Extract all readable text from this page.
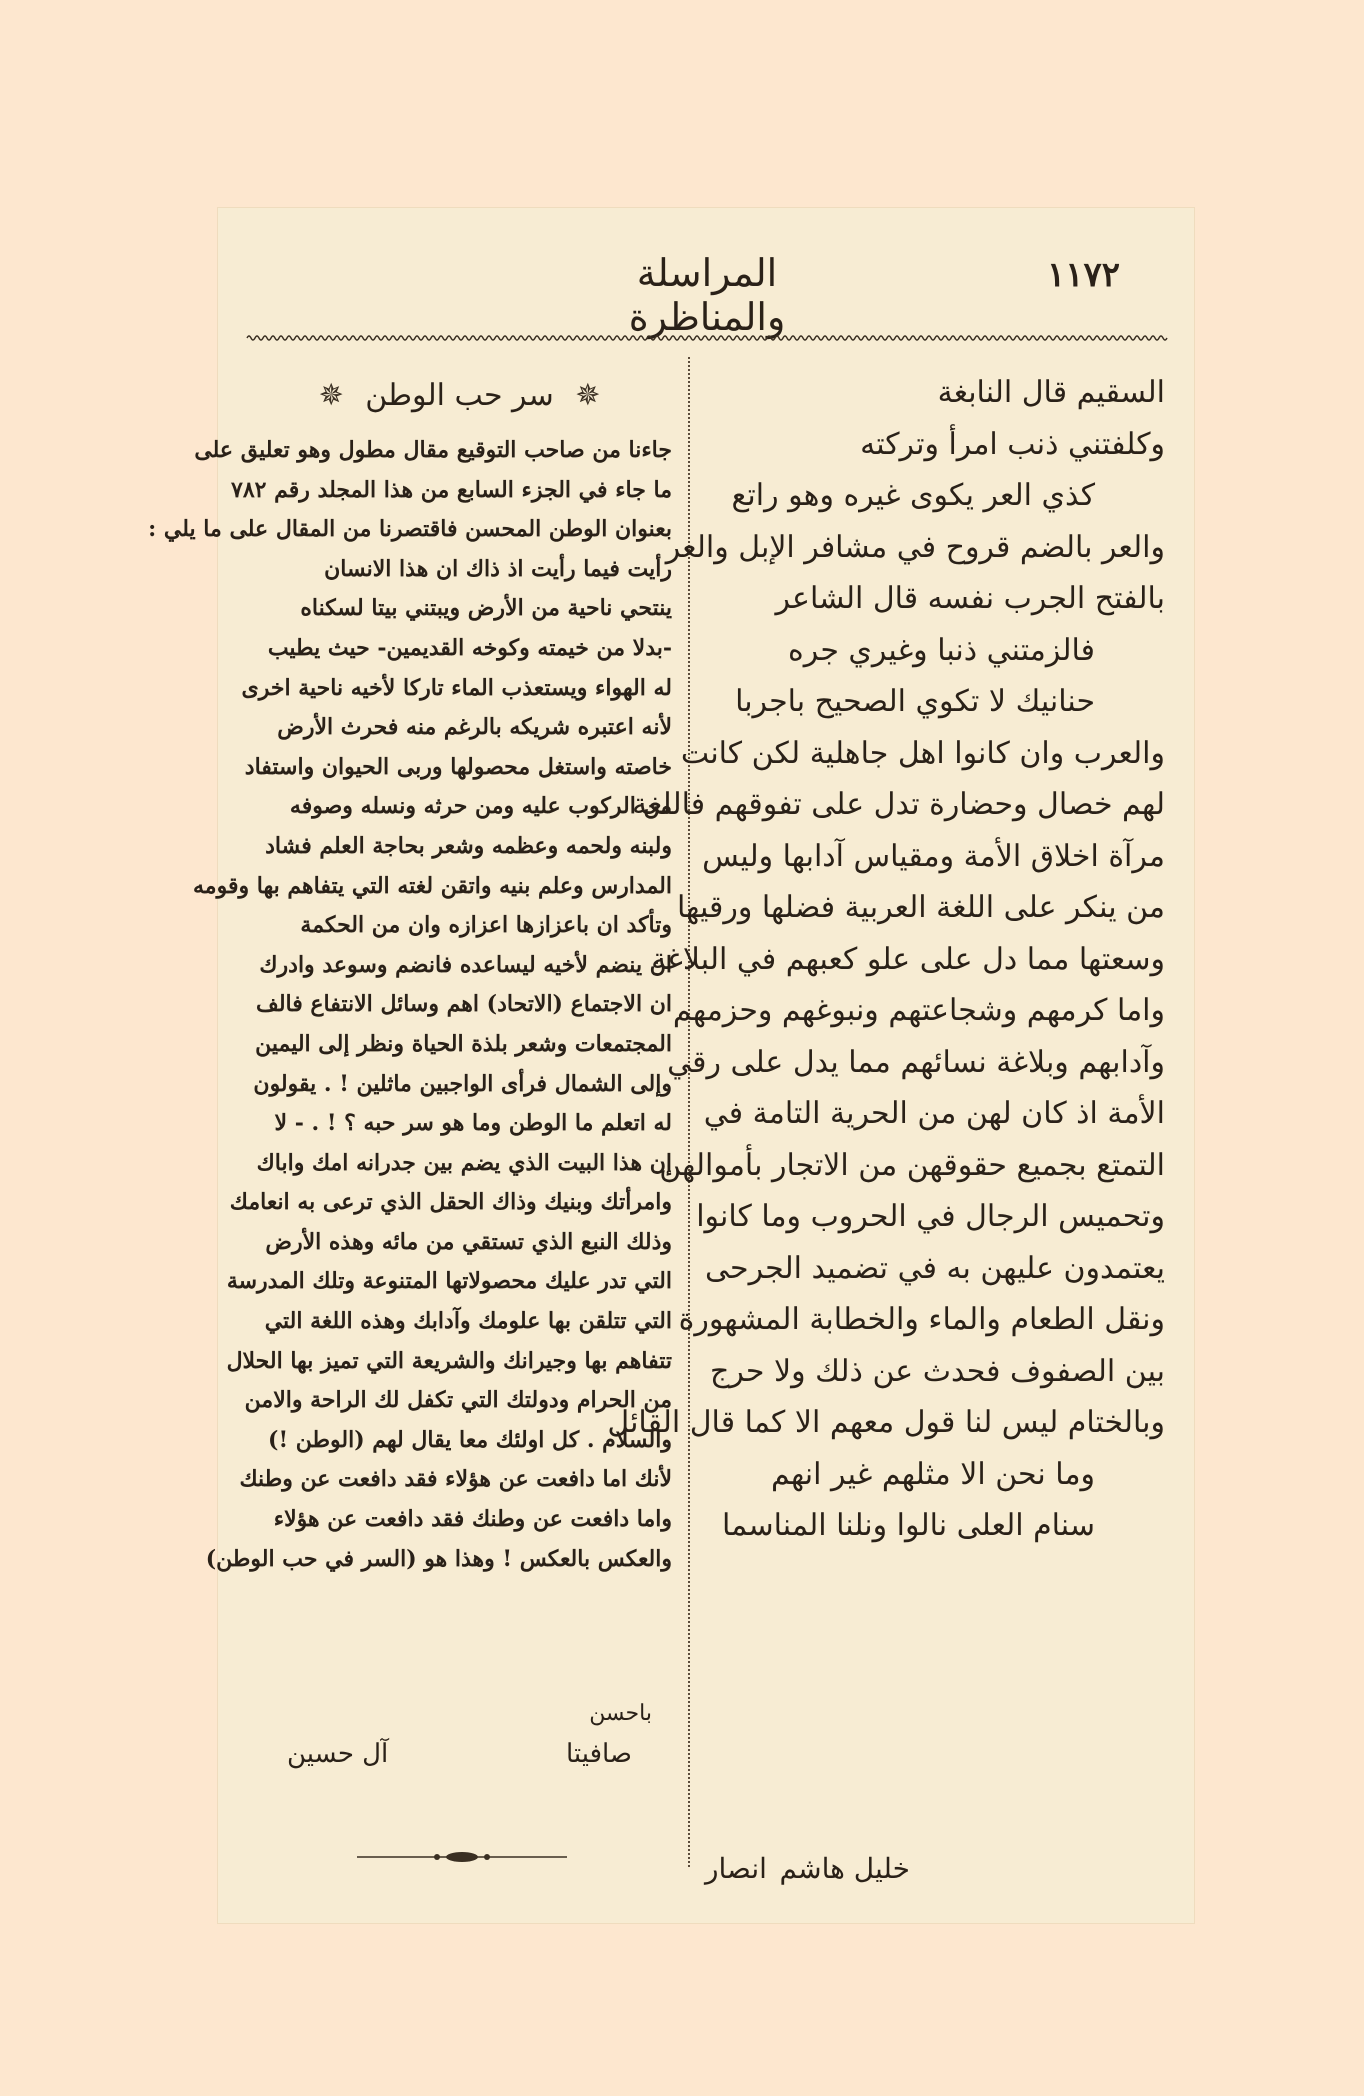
١١٧٢
المراسلة والمناظرة
السقيم قال النابغة
وكلفتني ذنب امرأ وتركته
كذي العر يكوى غيره وهو راتع
والعر بالضم قروح في مشافر الإبل والعر
بالفتح الجرب نفسه قال الشاعر
فالزمتني ذنبا وغيري جره
حنانيك لا تكوي الصحيح باجربا
والعرب وان كانوا اهل جاهلية لكن كانت
لهم خصال وحضارة تدل على تفوقهم فاللغة
مرآة اخلاق الأمة ومقياس آدابها وليس
من ينكر على اللغة العربية فضلها ورقيها
وسعتها مما دل على علو كعبهم في البلاغة
واما كرمهم وشجاعتهم ونبوغهم وحزمهم
وآدابهم وبلاغة نسائهم مما يدل على رقي
الأمة اذ كان لهن من الحرية التامة في
التمتع بجميع حقوقهن من الاتجار بأموالهن
وتحميس الرجال في الحروب وما كانوا
يعتمدون عليهن به في تضميد الجرحى
ونقل الطعام والماء والخطابة المشهورة
بين الصفوف فحدث عن ذلك ولا حرج
وبالختام ليس لنا قول معهم الا كما قال القائل
وما نحن الا مثلهم غير انهم
سنام العلى نالوا ونلنا المناسما
✵ سر حب الوطن ✵
جاءنا من صاحب التوقيع مقال مطول وهو تعليق على
ما جاء في الجزء السابع من هذا المجلد رقم ٧٨٢
بعنوان الوطن المحسن فاقتصرنا من المقال على ما يلي :
رأيت فيما رأيت اذ ذاك ان هذا الانسان
ينتحي ناحية من الأرض ويبتني بيتا لسكناه
-بدلا من خيمته وكوخه القديمين- حيث يطيب
له الهواء ويستعذب الماء تاركا لأخيه ناحية اخرى
لأنه اعتبره شريكه بالرغم منه فحرث الأرض
خاصته واستغل محصولها وربى الحيوان واستفاد
من الركوب عليه ومن حرثه ونسله وصوفه
ولبنه ولحمه وعظمه وشعر بحاجة العلم فشاد
المدارس وعلم بنيه واتقن لغته التي يتفاهم بها وقومه
وتأكد ان باعزازها اعزازه وان من الحكمة
ان ينضم لأخيه ليساعده فانضم وسوعد وادرك
ان الاجتماع (الاتحاد) اهم وسائل الانتفاع فالف
المجتمعات وشعر بلذة الحياة ونظر إلى اليمين
وإلى الشمال فرأى الواجبين ماثلين ! . يقولون
له اتعلم ما الوطن وما هو سر حبه ؟ ! . - لا
إن هذا البيت الذي يضم بين جدرانه امك واباك
وامرأتك وبنيك وذاك الحقل الذي ترعى به انعامك
وذلك النبع الذي تستقي من مائه وهذه الأرض
التي تدر عليك محصولاتها المتنوعة وتلك المدرسة
التي تتلقن بها علومك وآدابك وهذه اللغة التي
تتفاهم بها وجيرانك والشريعة التي تميز بها الحلال
من الحرام ودولتك التي تكفل لك الراحة والامن
والسلام . كل اولئك معا يقال لهم (الوطن !)
لأنك اما دافعت عن هؤلاء فقد دافعت عن وطنك
واما دافعت عن وطنك فقد دافعت عن هؤلاء
والعكس بالعكس ! وهذا هو (السر في حب الوطن)
باحسن
صافيتا
آل حسين
خليل هاشم
انصار
